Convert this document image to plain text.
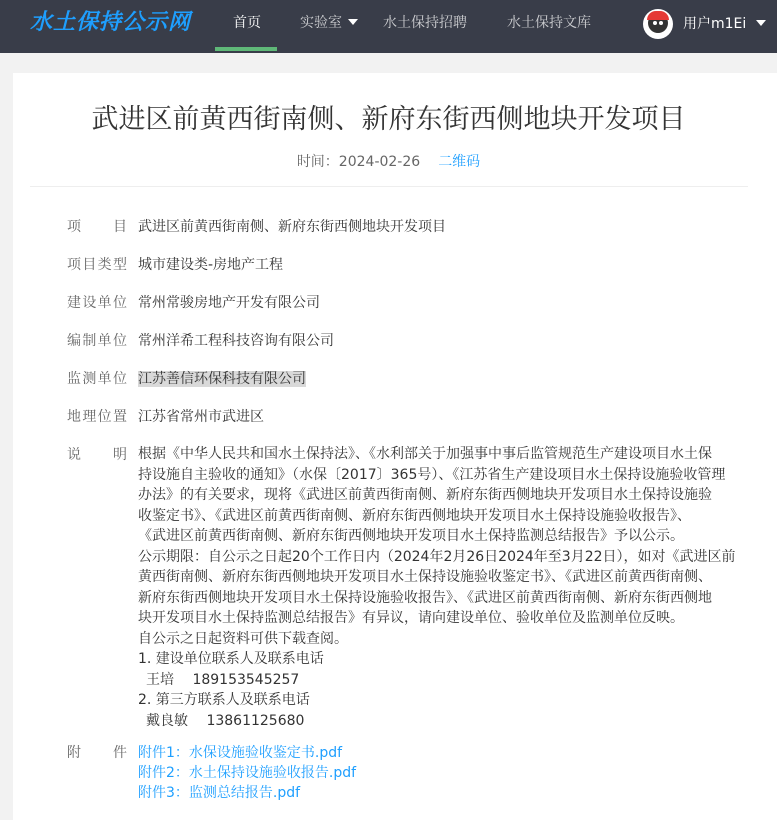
水土保持公示网	首页	实验室	水土保持招聘	水土保持文库	用户m1Ei
武进区前黄西街南侧、新府东街西侧地块开发项目
时间：2024-02-26 二维码
项目 武进区前黄西街南侧、新府东街西侧地块开发项目
项目类型 城市建设类-房地产工程
建设单位 常州常骏房地产开发有限公司
编制单位 常州洋希工程科技咨询有限公司
监测单位 江苏善信环保科技有限公司
地理位置 江苏省常州市武进区
说明 根据《中华人民共和国水土保持法》、《水利部关于加强事中事后监管规范生产建设项目水土保

持设施自主验收的通知》（水保〔2017〕365号）、《江苏省生产建设项目水土保持设施验收管理

办法》的有关要求，现将《武进区前黄西街南侧、新府东街西侧地块开发项目水土保持设施验

收鉴定书》、《武进区前黄西街南侧、新府东街西侧地块开发项目水土保持设施验收报告》、

《武进区前黄西街南侧、新府东街西侧地块开发项目水土保持监测总结报告》予以公示。

公示期限：自公示之日起20个工作日内（2024年2月26日2024年至3月22日），如对《武进区前

黄西街南侧、新府东街西侧地块开发项目水土保持设施验收鉴定书》、《武进区前黄西街南侧、

新府东街西侧地块开发项目水土保持设施验收报告》、《武进区前黄西街南侧、新府东街西侧地

块开发项目水土保持监测总结报告》有异议，请向建设单位、验收单位及监测单位反映。

自公示之日起资料可供下载查阅。

1. 建设单位联系人及联系电话

王培　 18915354525​7

2. 第三方联系人及联系电话

戴良敏　 13861125680

附件 附件1：水保设施验收鉴定书.pdf
附件2：水土保持设施验收报告.pdf
附件3：监测总结报告.pdf
